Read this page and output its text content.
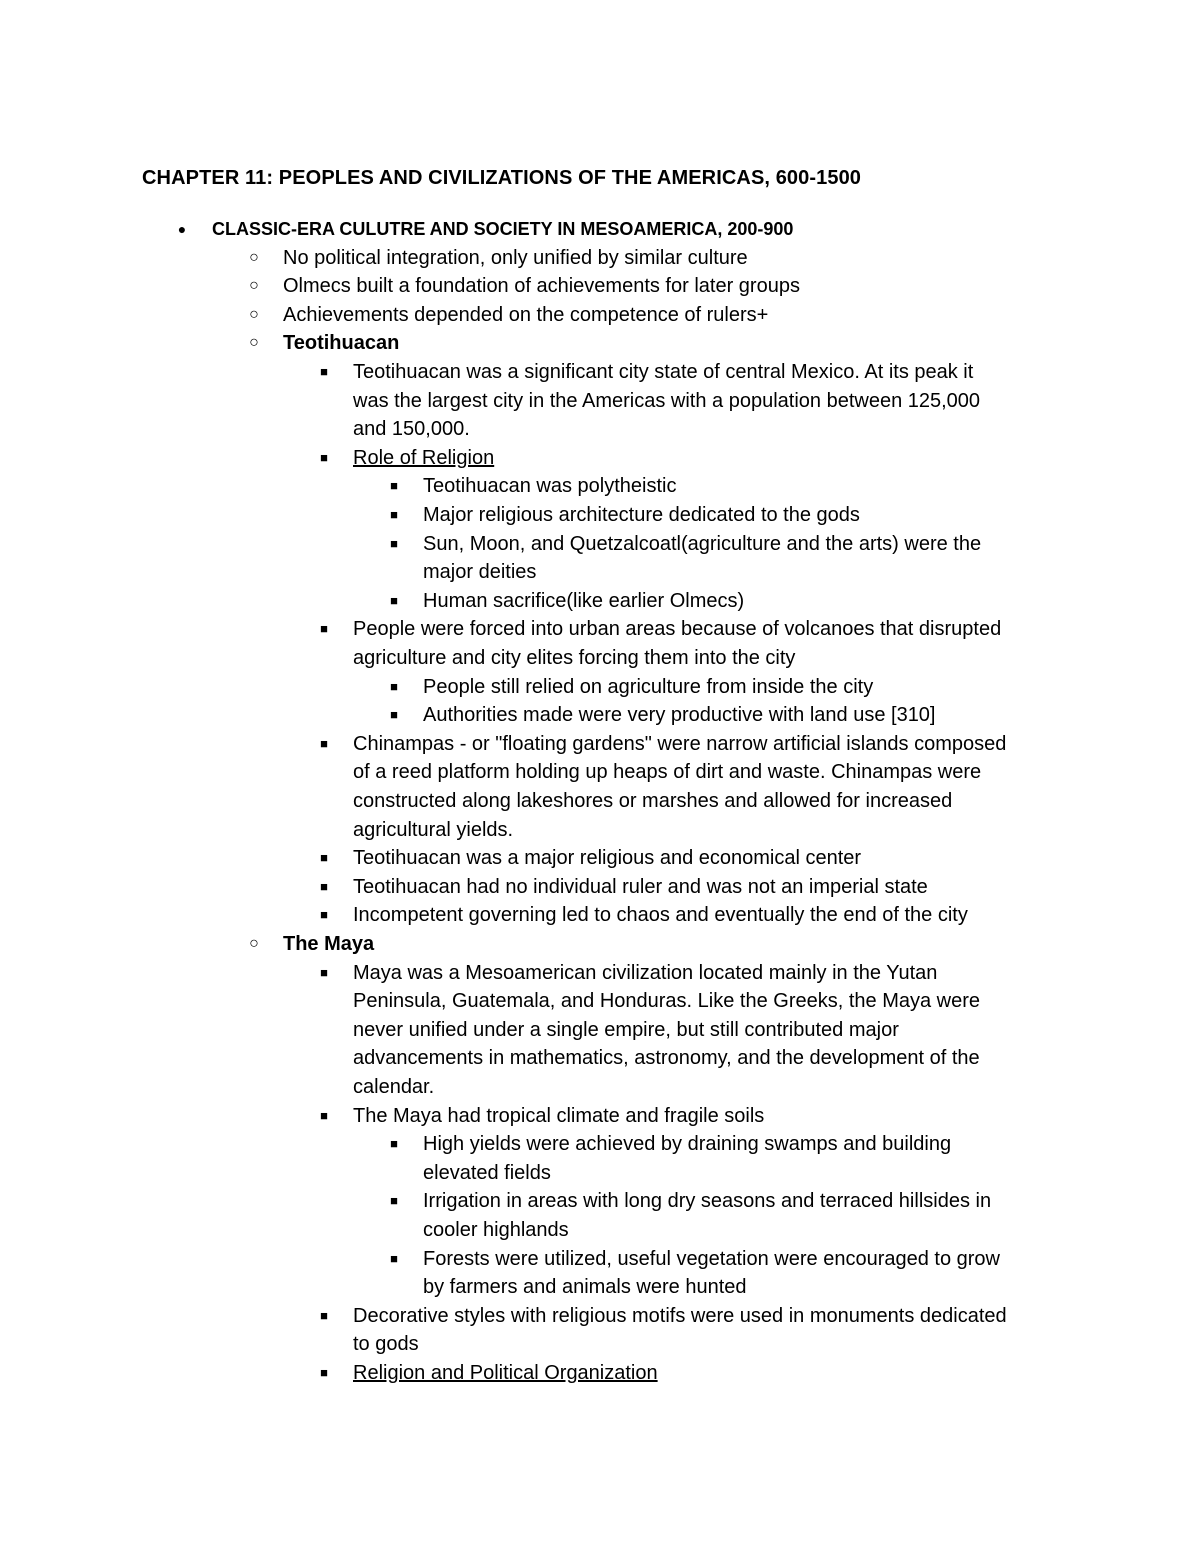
CHAPTER 11: PEOPLES AND CIVILIZATIONS OF THE AMERICAS, 600-1500
●	CLASSIC-ERA CULUTRE AND SOCIETY IN MESOAMERICA, 200-900
○ No political integration, only unified by similar culture
○ Olmecs built a foundation of achievements for later groups
○ Achievements depended on the competence of rulers+
○ Teotihuacan
■	Teotihuacan was a significant city state of central Mexico. At its peak it
was the largest city in the Americas with a population between 125,000
and 150,000.
■	Role of Religion
■	Teotihuacan was polytheistic
■	Major religious architecture dedicated to the gods
■	Sun, Moon, and Quetzalcoatl(agriculture and the arts) were the
major deities
■	Human sacrifice(like earlier Olmecs)
■	People were forced into urban areas because of volcanoes that disrupted
agriculture and city elites forcing them into the city
■	People still relied on agriculture from inside the city
■	Authorities made were very productive with land use [310]
■	Chinampas - or "floating gardens" were narrow artificial islands composed
of a reed platform holding up heaps of dirt and waste. Chinampas were
constructed along lakeshores or marshes and allowed for increased
agricultural yields.
■	Teotihuacan was a major religious and economical center
■	Teotihuacan had no individual ruler and was not an imperial state
■	Incompetent governing led to chaos and eventually the end of the city
○ The Maya
■	Maya was a Mesoamerican civilization located mainly in the Yutan
Peninsula, Guatemala, and Honduras. Like the Greeks, the Maya were
never unified under a single empire, but still contributed major
advancements in mathematics, astronomy, and the development of the
calendar.
■	The Maya had tropical climate and fragile soils
■	High yields were achieved by draining swamps and building
elevated fields
■	Irrigation in areas with long dry seasons and terraced hillsides in
cooler highlands
■	Forests were utilized, useful vegetation were encouraged to grow
by farmers and animals were hunted
■	Decorative styles with religious motifs were used in monuments dedicated
to gods
■	Religion and Political Organization
